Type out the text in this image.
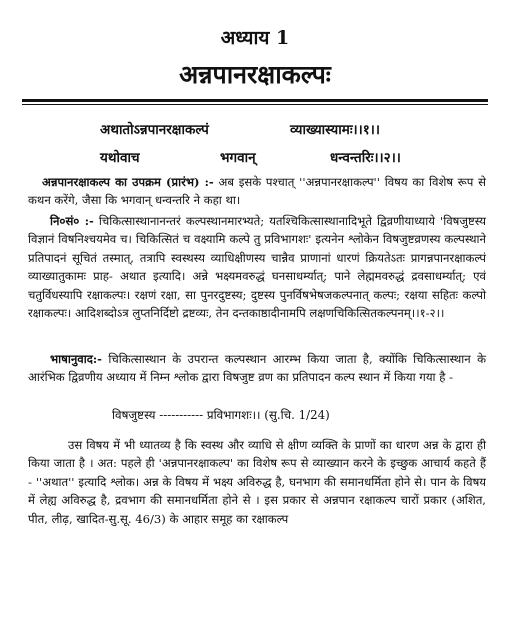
अध्याय 1
अन्नपानरक्षाकल्पः
अथातोऽन्नपानरक्षाकल्पं	व्याख्यास्यामः।।१।।
यथोवाच	भगवान्	धन्वन्तरिः।।२।।
अन्नपानरक्षाकल्प का उपक्रम (प्रारंभ) :- अब इसके पश्चात् ''अन्नपानरक्षाकल्प'' विषय का विशेष रूप से कथन करेंगे, जैसा कि भगवान् धन्वन्तरि ने कहा था।
नि०सं० :- चिकित्सास्थानानन्तरं कल्पस्थानमारभ्यते; यतश्चिकित्सास्थानादिभूते द्विव्रणीयाध्याये 'विषजुष्टस्य विज्ञानं विषनिश्चयमेव च। चिकित्सितं च वक्ष्यामि कल्पे तु प्रविभागशः' इत्यनेन श्लोकेन विषजुष्टव्रणस्य कल्पस्थाने प्रतिपादनं सूचितं तस्मात्, तत्रापि स्वस्थस्य व्याधिक्षीणस्य चान्नैव प्राणानां धारणं क्रियतेऽतः प्रागन्नपानरक्षाकल्पं व्याख्यातुकामः प्राह- अथात इत्यादि। अन्ने भक्ष्यमवरुद्धं घनसाधर्म्यात्; पाने लेह्ममवरुद्धं द्रवसाधर्म्यात्; एवं चतुर्विधस्यापि रक्षाकल्पः। रक्षणं रक्षा, सा पुनरदुष्टस्य; दुष्टस्य पुनर्विषभेषजकल्पनात् कल्पः; रक्षया सहितः कल्पो रक्षाकल्पः। आदिशब्दोऽत्र लुप्तनिर्दिष्टो द्रष्टव्यः, तेन दन्तकाष्ठादीनामपि लक्षणचिकित्सितकल्पनम्।।१-२।।
भाषानुवाद:- चिकित्सास्थान के उपरान्त कल्पस्थान आरम्भ किया जाता है, क्योंकि चिकित्सास्थान के आरंभिक द्विव्रणीय अध्याय में निम्न श्लोक द्वारा विषजुष्ट व्रण का प्रतिपादन कल्प स्थान में किया गया है -
विषजुष्टस्य ----------- प्रविभागशः।। (सु.चि. 1/24)
उस विषय में भी ध्यातव्य है कि स्वस्थ और व्याधि से क्षीण व्यक्ति के प्राणों का धारण अन्न के द्वारा ही किया जाता है । अत: पहले ही 'अन्नपानरक्षाकल्प' का विशेष रूप से व्याख्यान करने के इच्छुक आचार्य कहते हैं - ''अथात'' इत्यादि श्लोक। अन्न के विषय में भक्ष्य अविरुद्ध है, घनभाग की समानधर्मिता होने से। पान के विषय में लेह्य अविरुद्ध है, द्रवभाग की समानधर्मिता होने से । इस प्रकार से अन्नपान रक्षाकल्प चारों प्रकार (अशित, पीत, लीढ़, खादित-सु.सू. 46/3) के आहार समूह का रक्षाकल्प
